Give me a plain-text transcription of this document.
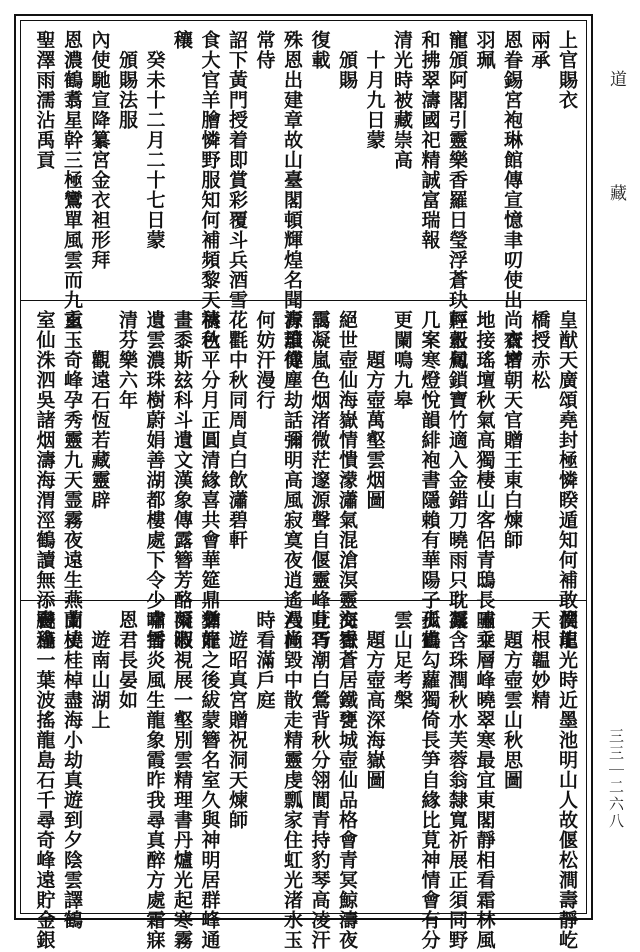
上官賜衣
兩承
恩眷錫宮袍琳館傳宣憶聿叨使出尚衣增
羽珮
寵頒阿閣引靈樂香羅日瑩浮蒼玦輕縠鳳
和拂翠濤國祀精誠富瑞報
清光時被藏崇高
　十月九日蒙
　頒賜
復載
殊恩出建章故山臺閣頓輝煌名聞青瑣傳
常侍
詔下黃門授着即賞彩覆斗兵酒雪花氍
食大官羊膾憐野服知何補頻黎天禱秋
穰
　癸未十二月二十七日蒙
　頒賜法服
內使馳宣降纂宮金衣袒形拜
恩濃鶴翥星幹三極鸞單風雲而九重
聖澤雨濡沾禹貢
皇猷天廣頌堯封極憐睽遁知何補敢俟圯
橋授赤松
　齋宮朝天官贈王東白煉師
地接瑤壇秋氣高獨棲山客侶青鴟長嘯乘
戸玉句鎖寶竹適入金錯刀曉雨只耽凝
几案寒燈悅韻緋袍書隱賴有華陽子孤鶴
更闌鳴九皋
　　題方壺萬壑雲烟圖
絕世壺仙海嶽情憒濛瀟氣混滄溟靈交香
靄凝嵐色烟渚微茫邃源聲自偃靈峰莧巧
源誰從塵劫話彌明高風寂寞夜逍遙八極
何妨汗漫行
　　中秋同周貞白飲瀟碧軒
秋色平分月正圓清緣喜共會華筵鼎彝好
畫黍斯玆科斗遺文漢象傳露簪芳酪凝淑
遺雲濃珠樹蔚娟善湖都樓處下令少幸播
清芬樂六年
　　觀遠石恆若藏靈辟
玄玉奇峰孕秀靈九天霊霧夜遠生燕山丈
室仙洙泗吳諸烟濤海渭涇鶴讀無添書稿
濶龍光時近墨池明山人故偃松澗壽靜屹
天根韞妙精
　題方壺雲山秋思圖
玉立層峰曉翠寒最宜東閣靜相看霜林風
露含珠潤秋水芙蓉翁隸寬祈展正須同野
步直勾蘿獨倚長笋自緣比莧神情會有分
雲山足考槃
　題方壺高深海嶽圖
海嶽蒼居鐵甕城壺仙品格會青冥鯨濤夜
吐胥潮白鶯背秋分翎閬青持豹琴高凌汗
漫尚毀中散走精靈虔瓢家住虹光渚水玉
時看滿戶庭
　遊昭真宮贈祝洞天煉師
猶龍之後紱蒙簪名室久與神明居群峰通
雨暇視展一壑別雲精理書丹爐光起寒霧
嘯雪炎風生龍象霞昨我尋真醉方處霜寐
恩君長晏如
　遊南山湖上
蘭橈桂棹盡海小劫真遊到夕陰雲譯鶴
飈逢一葉波搖龍島石千尋奇峰遠貯金銀
道　藏
三三｜二六八
